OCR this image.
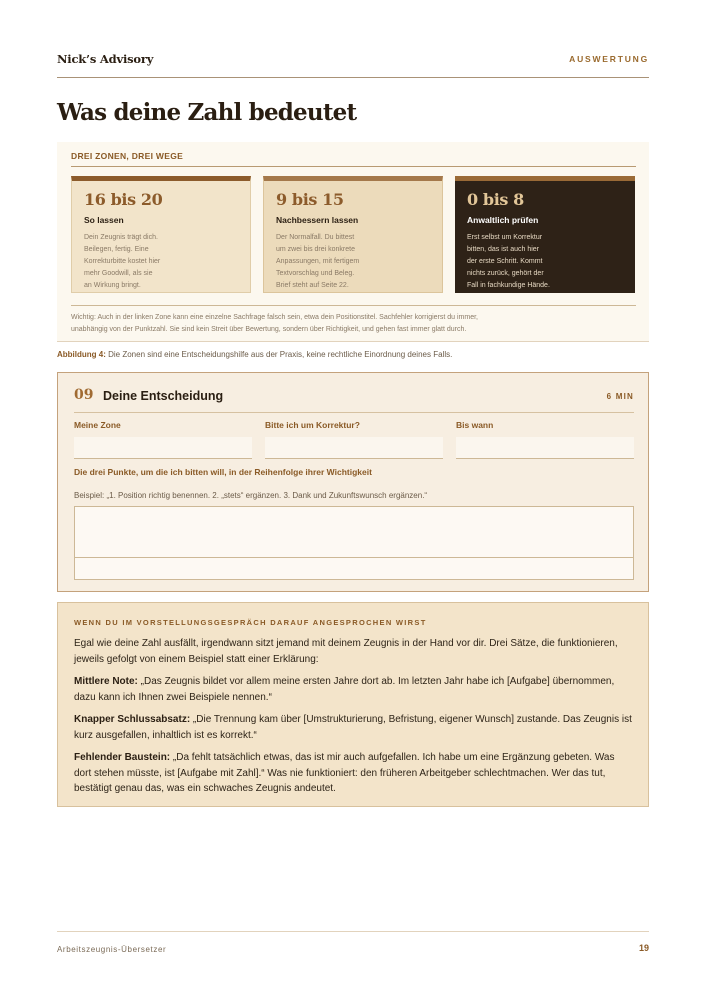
Nick’s Advisory	AUSWERTUNG
Was deine Zahl bedeutet
DREI ZONEN, DREI WEGE
16 bis 20
So lassen
Dein Zeugnis trägt dich.
Beilegen, fertig. Eine
Korrekturbitte kostet hier
mehr Goodwill, als sie
an Wirkung bringt.
9 bis 15
Nachbessern lassen
Der Normalfall. Du bittest
um zwei bis drei konkrete
Anpassungen, mit fertigem
Textvorschlag und Beleg.
Brief steht auf Seite 22.
0 bis 8
Anwaltlich prüfen
Erst selbst um Korrektur
bitten, das ist auch hier
der erste Schritt. Kommt
nichts zurück, gehört der
Fall in fachkundige Hände.
Wichtig: Auch in der linken Zone kann eine einzelne Sachfrage falsch sein, etwa dein Positionstitel. Sachfehler korrigierst du immer,
unabhängig von der Punktzahl. Sie sind kein Streit über Bewertung, sondern über Richtigkeit, und gehen fast immer glatt durch.
Abbildung 4: Die Zonen sind eine Entscheidungshilfe aus der Praxis, keine rechtliche Einordnung deines Falls.
09 Deine Entscheidung	6 MIN
Meine Zone	Bitte ich um Korrektur?	Bis wann
Die drei Punkte, um die ich bitten will, in der Reihenfolge ihrer Wichtigkeit
Beispiel: „1. Position richtig benennen. 2. „stets“ ergänzen. 3. Dank und Zukunftswunsch ergänzen.“
WENN DU IM VORSTELLUNGSGESPRÄCH DARAUF ANGESPROCHEN WIRST

Egal wie deine Zahl ausfällt, irgendwann sitzt jemand mit deinem Zeugnis in der Hand vor dir. Drei Sätze, die funktionieren, jeweils gefolgt von einem Beispiel statt einer Erklärung:

Mittlere Note: „Das Zeugnis bildet vor allem meine ersten Jahre dort ab. Im letzten Jahr habe ich [Aufgabe] übernommen, dazu kann ich Ihnen zwei Beispiele nennen.“

Knapper Schlussabsatz: „Die Trennung kam über [Umstrukturierung, Befristung, eigener Wunsch] zustande. Das Zeugnis ist kurz ausgefallen, inhaltlich ist es korrekt.“

Fehlender Baustein: „Da fehlt tatsächlich etwas, das ist mir auch aufgefallen. Ich habe um eine Ergänzung gebeten. Was dort stehen müsste, ist [Aufgabe mit Zahl].“ Was nie funktioniert: den früheren Arbeitgeber schlechtmachen. Wer das tut, bestätigt genau das, was ein schwaches Zeugnis andeutet.

Arbeitszeugnis-Übersetzer	19
